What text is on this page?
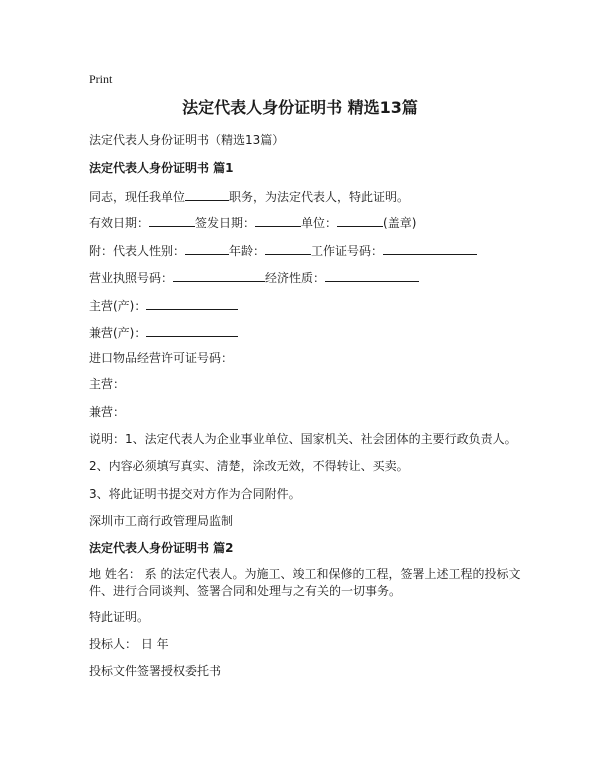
Print
法定代表人身份证明书 精选13篇
法定代表人身份证明书（精选13篇）
法定代表人身份证明书 篇1
同志，现任我单位	职务，为法定代表人，特此证明。
有效日期：	签发日期：	单位：	(盖章)
附：代表人性别：	年龄：	工作证号码：
营业执照号码：	经济性质：
主营(产)：
兼营(产)：
进口物品经营许可证号码：
主营：
兼营：
说明：1、法定代表人为企业事业单位、国家机关、社会团体的主要行政负责人。
2、内容必须填写真实、清楚，涂改无效，不得转让、买卖。
3、将此证明书提交对方作为合同附件。
深圳市工商行政管理局监制
法定代表人身份证明书 篇2
地 姓名： 系 的法定代表人。为施工、竣工和保修的工程，签署上述工程的投标文件、进行合同谈判、签署合同和处理与之有关的一切事务。
特此证明。
投标人： 日 年
投标文件签署授权委托书
